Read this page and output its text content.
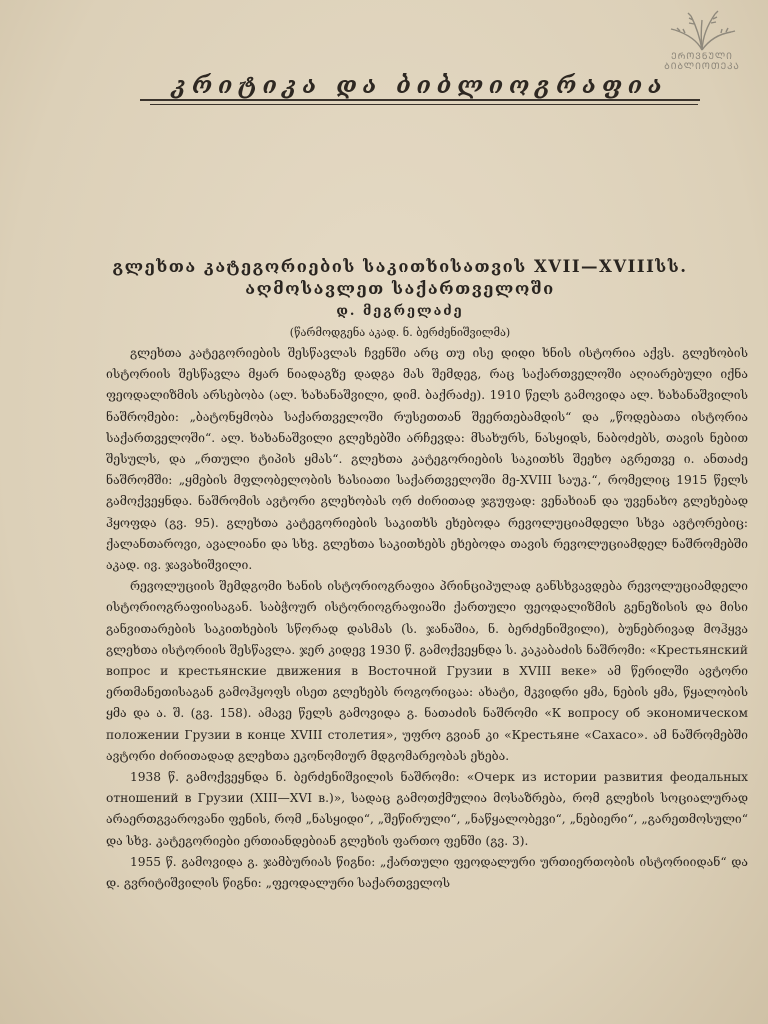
ᲔᲠᲝᲕᲜᲣᲚᲘ
ᲑᲘᲑᲚᲘᲝᲗᲔᲙᲐ
კრიტიკა და ბიბლიოგრაფია
გლეხთა კატეგორიების საკითხისათვის XVII—XVIIIსს.
აღმოსავლეთ საქართველოში
დ. მეგრელაძე
(წარმოდგენა აკად. ნ. ბერძენიშვილმა)

გლეხთა კატეგორიების შესწავლას ჩვენში არც თუ ისე დიდი ხნის ისტორია აქვს. გლეხობის ისტორიის შესწავლა მყარ ნიადაგზე დადგა მას შემდეგ, რაც საქართველოში აღიარებული იქნა ფეოდალიზმის არსებობა (ალ. ხახანაშვილი, დიმ. ბაქრაძე). 1910 წელს გამოვიდა ალ. ხახანაშვილის ნაშრომები: „ბატონყმობა საქართველოში რუსეთთან შეერთებამდის“ და „წოდებათა ისტორია საქართველოში“. ალ. ხახანაშვილი გლეხებში არჩევდა: მსახურს, ნასყიდს, ნაბოძებს, თავის ნებით შესულს, და „რთული ტიპის ყმას“. გლეხთა კატეგორიების საკითხს შეეხო აგრეთვე ი. ანთაძე ნაშრომში: „ყმების მფლობელობის ხასიათი საქართველოში მე-XVIII საუკ.“, რომელიც 1915 წელს გამოქვეყნდა. ნაშრომის ავტორი გლეხობას ორ ძირითად ჯგუფად: ვენახიან და უვენახო გლეხებად ჰყოფდა (გვ. 95). გლეხთა კატეგორიების საკითხს ეხებოდა რევოლუციამდელი სხვა ავტორებიც: ქალანთაროვი, ავალიანი და სხვ. გლეხთა საკითხებს ეხებოდა თავის რევოლუციამდელ ნაშრომებში აკად. ივ. ჯავახიშვილი.

რევოლუციის შემდგომი ხანის ისტორიოგრაფია პრინციპულად განსხვავდება რევოლუციამდელი ისტორიოგრაფიისაგან. საბჭოურ ისტორიოგრაფიაში ქართული ფეოდალიზმის გენეზისის და მისი განვითარების საკითხების სწორად დასმას (ს. ჯანაშია, ნ. ბერძენიშვილი), ბუნებრივად მოჰყვა გლეხთა ისტორიის შესწავლა. ჯერ კიდევ 1930 წ. გამოქვეყნდა ს. კაკაბაძის ნაშრომი: «Крестьянский вопрос и крестьянские движения в Восточной Грузии в XVIII веке» ამ წერილში ავტორი ერთმანეთისაგან გამოჰყოფს ისეთ გლეხებს როგორიცაა: ახატი, მკვიდრი ყმა, ნების ყმა, წყალობის ყმა და ა. შ. (გვ. 158). ამავე წელს გამოვიდა გ. ნათაძის ნაშრომი «К вопросу об экономическом положении Грузии в конце XVIII столетия», უფრო გვიან კი «Крестьяне «Сахасо». ამ ნაშრომებში ავტორი ძირითადად გლეხთა ეკონომიურ მდგომარეობას ეხება.

1938 წ. გამოქვეყნდა ნ. ბერძენიშვილის ნაშრომი: «Очерк из истории развития феодальных отношений в Грузии (XIII—XVI в.)», სადაც გამოთქმულია მოსაზრება, რომ გლეხის სოციალურად არაერთგვაროვანი ფენის, რომ „ნასყიდი“, „შეწირული“, „ნაწყალობევი“, „ნებიერი“, „გარეთმოსული“ და სხვ. კატეგორიები ერთიანდებიან გლეხის ფართო ფენში (გვ. 3).

1955 წ. გამოვიდა გ. ჯამბურიას წიგნი: „ქართული ფეოდალური ურთიერთობის ისტორიიდან“ და დ. გვრიტიშვილის წიგნი: „ფეოდალური საქართველოს
